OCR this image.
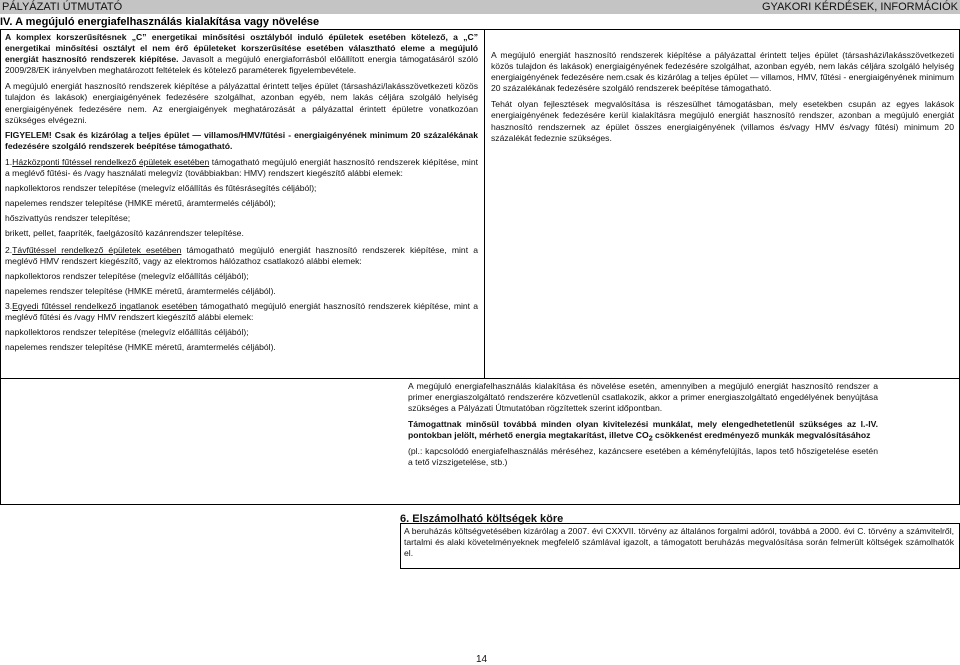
PÁLYÁZATI ÚTMUTATÓ	GYAKORI KÉRDÉSEK, INFORMÁCIÓK
IV. A megújuló energiafelhasználás kialakítása vagy növelése

A komplex korszerűsítésnek „C” energetikai minősítési osztályból induló épületek esetében kötelező, a „C” energetikai minősítési osztályt el nem érő épületeket korszerűsítése esetében választható eleme a megújuló energiát hasznosító rendszerek kiépítése. Javasolt a megújuló energiaforrásból előállított energia támogatásáról szóló 2009/28/EK irányelvben meghatározott feltételek és kötelező paraméterek figyelembevétele.

A megújuló energiát hasznosító rendszerek kiépítése a pályázattal érintett teljes épület (társasházi/lakásszövetkezeti közös tulajdon és lakások) energiaigényének fedezésére szolgálhat, azonban egyéb, nem lakás céljára szolgáló helyiség energiaigényének fedezésére nem. Az energiaigények meghatározását a pályázattal érintett épületre vonatkozóan szükséges elvégezni.

FIGYELEM! Csak és kizárólag a teljes épület — villamos/HMV/fűtési - energiaigényének minimum 20 százalékának fedezésére szolgáló rendszerek beépítése támogatható.

1.Házközponti fűtéssel rendelkező épületek esetében támogatható megújuló energiát hasznosító rendszerek kiépítése, mint a meglévő fűtési- és /vagy használati melegvíz (továbbiakban: HMV) rendszert kiegészítő alábbi elemek:

napkollektoros rendszer telepítése (melegvíz előállítás és fűtésrásegítés céljából);

napelemes rendszer telepítése (HMKE méretű, áramtermelés céljából);

hőszivattyús rendszer telepítése;

brikett, pellet, faapríték, faelgázosító kazánrendszer telepítése.

2.Távfűtéssel rendelkező épületek esetében támogatható megújuló energiát hasznosító rendszerek kiépítése, mint a meglévő HMV rendszert kiegészítő, vagy az elektromos hálózathoz csatlakozó alábbi elemek:

napkollektoros rendszer telepítése (melegvíz előállítás céljából);

napelemes rendszer telepítése (HMKE méretű, áramtermelés céljából).

3.Egyedi fűtéssel rendelkező ingatlanok esetében támogatható megújuló energiát hasznosító rendszerek kiépítése, mint a meglévő fűtési és /vagy HMV rendszert kiegészítő alábbi elemek:

napkollektoros rendszer telepítése (melegvíz előállítás céljából);

napelemes rendszer telepítése (HMKE méretű, áramtermelés céljából).

A megújuló energiát hasznosító rendszerek kiépítése a pályázattal érintett teljes épület (társasházi/lakásszövetkezeti közös tulajdon és lakások) energiaigényének fedezésére szolgálhat, azonban egyéb, nem lakás céljára szolgáló helyiség energiaigényének fedezésére nem.csak és kizárólag a teljes épület — villamos, HMV, fűtési - energiaigényének minimum 20 százalékának fedezésére szolgáló rendszerek beépítése támogatható.

Tehát olyan fejlesztések megvalósítása is részesülhet támogatásban, mely esetekben csupán az egyes lakások energiaigényének fedezésére kerül kialakításra megújuló energiát hasznosító rendszer, azonban a megújuló energiát hasznosító rendszernek az épület összes energiaigényének (villamos és/vagy HMV és/vagy fűtési) minimum 20 százalékát fedeznie szükséges.

A megújuló energiafelhasználás kialakítása és növelése esetén, amennyiben a megújuló energiát hasznosító rendszer a primer energiaszolgáltató rendszerére közvetlenül csatlakozik, akkor a primer energiaszolgáltató engedélyének benyújtása szükséges a Pályázati Útmutatóban rögzítettek szerint időpontban.

Támogattnak minősül továbbá minden olyan kivitelezési munkálat, mely elengedhetetlenül szükséges az I.-IV. pontokban jelölt, mérhető energia megtakarítást, illetve $CO_2$ csökkenést eredményező munkák megvalósításához

(pl.: kapcsolódó energiafelhasználás méréséhez, kazáncsere esetében a kéményfelújítás, lapos tető hőszigetelése esetén a tető vízszigetelése, stb.)

6. Elszámolható költségek köre

A beruházás költségvetésében kizárólag a 2007. évi CXXVII. törvény az általános forgalmi adóról, továbbá a 2000. évi C. törvény a számvitelről, tartalmi és alaki követelményeknek megfelelő számlával igazolt, a támogatott beruházás megvalósítása során felmerült költségek számolhatók el.

14
